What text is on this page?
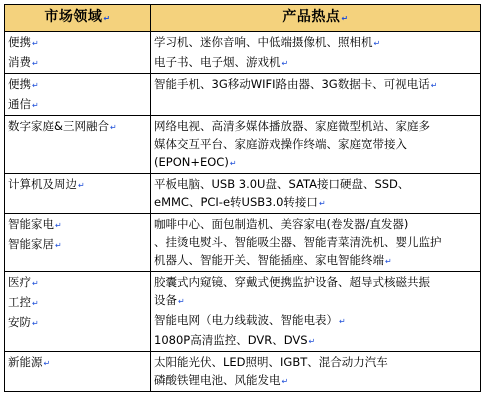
市场领域↵	产品热点↵

便携↵
消费↵	学习机、迷你音响、中低端摄像机、照相机↵
电子书、电子烟、游戏机↵

便携↵
通信↵	智能手机、3G移动WIFI路由器、3G数据卡、可视电话↵

数字家庭&三网融合↵	网络电视、高清多媒体播放器、家庭微型机站、家庭多
媒体交互平台、家庭游戏操作终端、家庭宽带接入
(EPON+EOC)↵

计算机及周边↵	平板电脑、USB 3.0U盘、SATA接口硬盘、SSD、
eMMC、PCI-e转USB3.0转接口↵

智能家电↵
智能家居↵	咖啡中心、面包制造机、美容家电(卷发器/直发器)
、挂烫电熨斗、智能吸尘器、智能青菜清洗机、婴儿监护
机器人、智能开关、智能插座、家电智能终端↵

医疗↵
工控↵
安防↵	胶囊式内窥镜、穿戴式便携监护设备、超导式核磁共振
设备↵
智能电网（电力线载波、智能电表）↵
1080P高清监控、DVR、DVS↵

新能源↵	太阳能光伏、LED照明、IGBT、混合动力汽车
磷酸铁锂电池、风能发电↵
